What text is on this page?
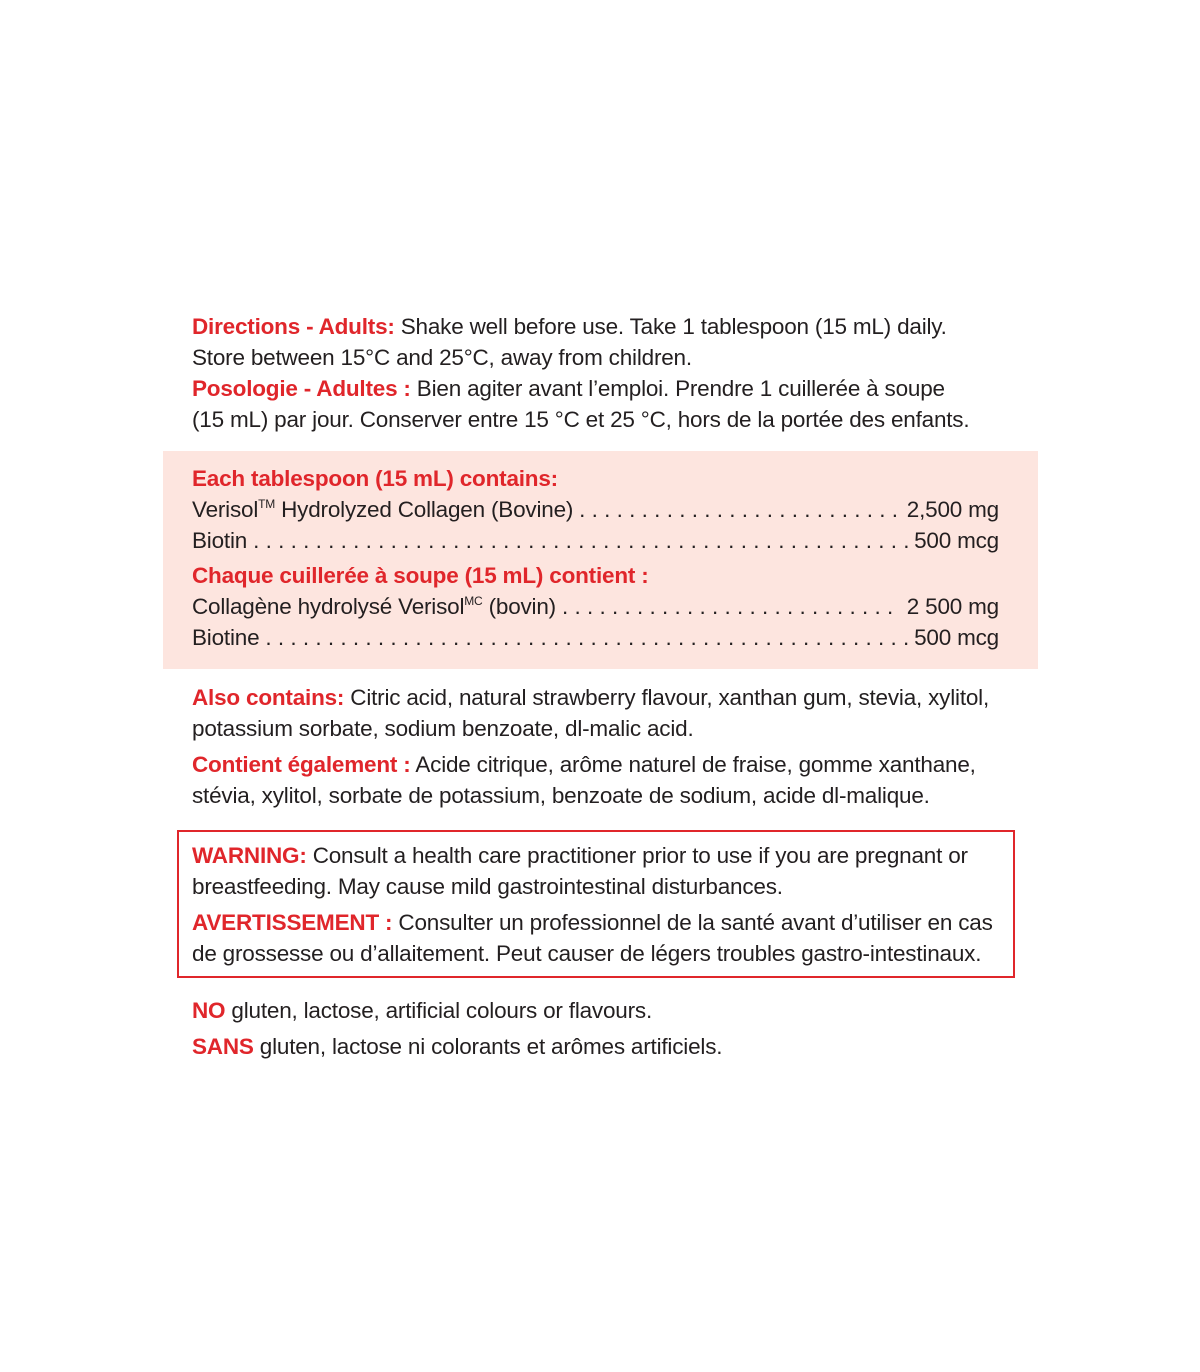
Directions - Adults: Shake well before use. Take 1 tablespoon (15 mL) daily.
Store between 15°C and 25°C, away from children.
Posologie - Adultes : Bien agiter avant l’emploi. Prendre 1 cuillerée à soupe
(15 mL) par jour. Conserver entre 15 °C et 25 °C, hors de la portée des enfants.
Each tablespoon (15 mL) contains:
Verisol™ Hydrolyzed Collagen (Bovine) . . .	2,500 mg
Biotin . . .	500 mcg
Chaque cuillerée à soupe (15 mL) contient :
Collagène hydrolysé Verisol$^{MC}$ (bovin) . . .	2 500 mg
Biotine . . .	500 mcg
Also contains: Citric acid, natural strawberry flavour, xanthan gum, stevia, xylitol,
potassium sorbate, sodium benzoate, dl-malic acid.
Contient également : Acide citrique, arôme naturel de fraise, gomme xanthane,
stévia, xylitol, sorbate de potassium, benzoate de sodium, acide dl-malique.
WARNING: Consult a health care practitioner prior to use if you are pregnant or
breastfeeding. May cause mild gastrointestinal disturbances.
AVERTISSEMENT : Consulter un professionnel de la santé avant d’utiliser en cas
de grossesse ou d’allaitement. Peut causer de légers troubles gastro-intestinaux.
NO gluten, lactose, artificial colours or flavours.
SANS gluten, lactose ni colorants et arômes artificiels.
